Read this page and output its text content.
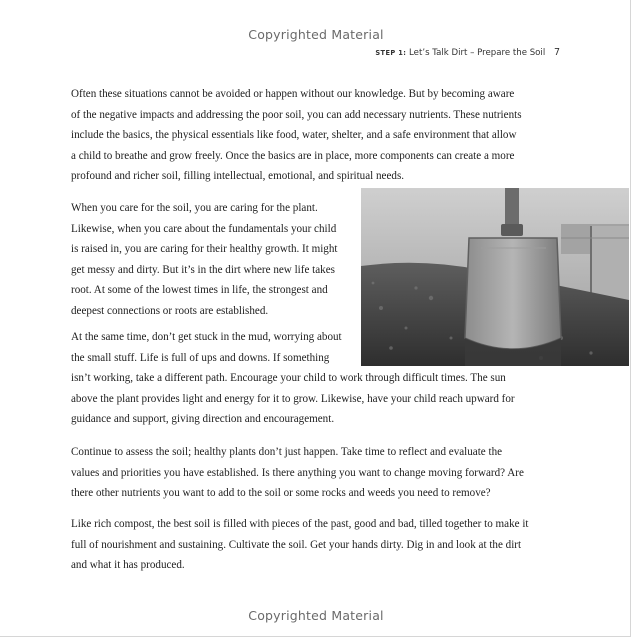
Copyrighted Material
STEP 1: Let’s Talk Dirt – Prepare the Soil 7
Often these situations cannot be avoided or happen without our knowledge. But by becoming aware
of the negative impacts and addressing the poor soil, you can add necessary nutrients. These nutrients
include the basics, the physical essentials like food, water, shelter, and a safe environment that allow
a child to breathe and grow freely. Once the basics are in place, more components can create a more
profound and richer soil, filling intellectual, emotional, and spiritual needs.
When you care for the soil, you are caring for the plant.
Likewise, when you care about the fundamentals your child
is raised in, you are caring for their healthy growth. It might
get messy and dirty. But it’s in the dirt where new life takes
root. At some of the lowest times in life, the strongest and
deepest connections or roots are established.
At the same time, don’t get stuck in the mud, worrying about
the small stuff. Life is full of ups and downs. If something
isn’t working, take a different path. Encourage your child to work through difficult times. The sun
above the plant provides light and energy for it to grow. Likewise, have your child reach upward for
guidance and support, giving direction and encouragement.
Continue to assess the soil; healthy plants don’t just happen. Take time to reflect and evaluate the
values and priorities you have established. Is there anything you want to change moving forward? Are
there other nutrients you want to add to the soil or some rocks and weeds you need to remove?
Like rich compost, the best soil is filled with pieces of the past, good and bad, tilled together to make it
full of nourishment and sustaining. Cultivate the soil. Get your hands dirty. Dig in and look at the dirt
and what it has produced.
Copyrighted Material
